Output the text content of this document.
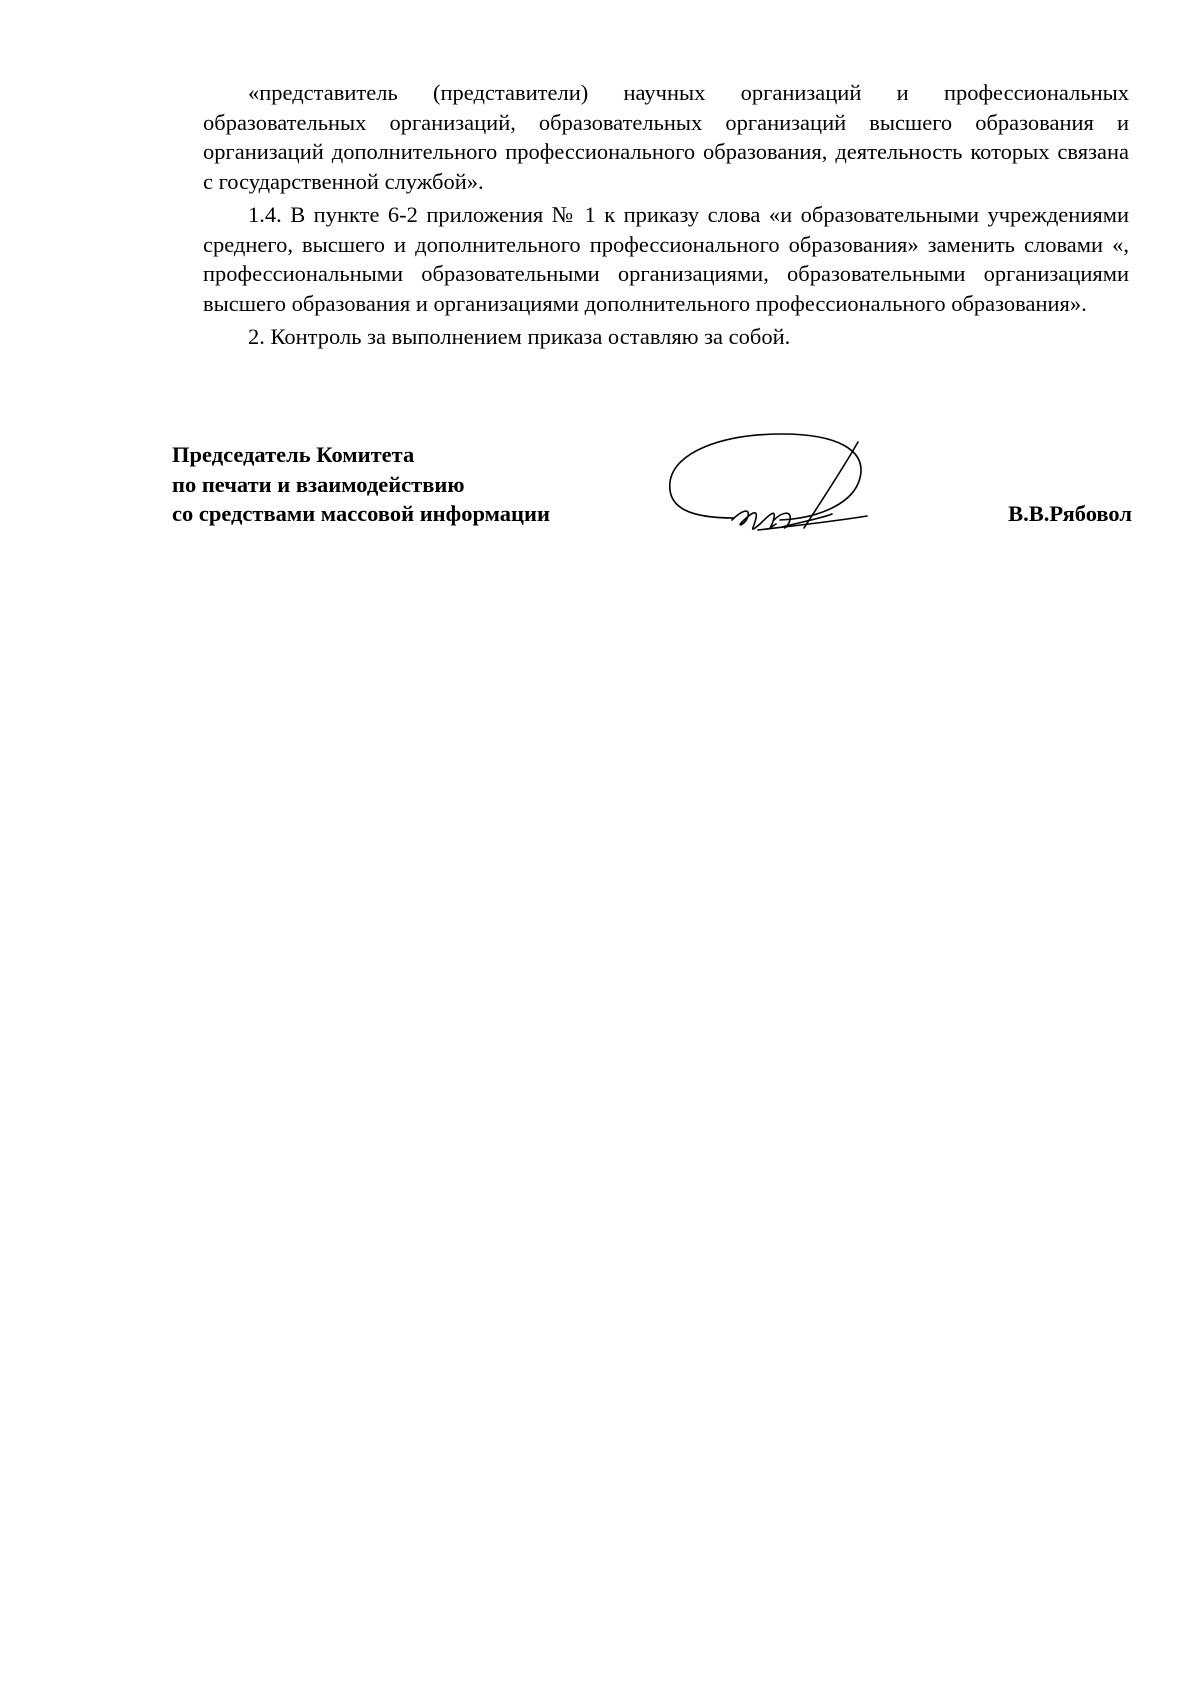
«представитель (представители) научных организаций и профессиональных образовательных организаций, образовательных организаций высшего образования и организаций дополнительного профессионального образования, деятельность которых связана с государственной службой».

1.4. В пункте 6-2 приложения № 1 к приказу слова «и образовательными учреждениями среднего, высшего и дополнительного профессионального образования» заменить словами «, профессиональными образовательными организациями, образовательными организациями высшего образования и организациями дополнительного профессионального образования».

2. Контроль за выполнением приказа оставляю за собой.

Председатель Комитета
по печати и взаимодействию
со средствами массовой информации	В.В.Рябовол
